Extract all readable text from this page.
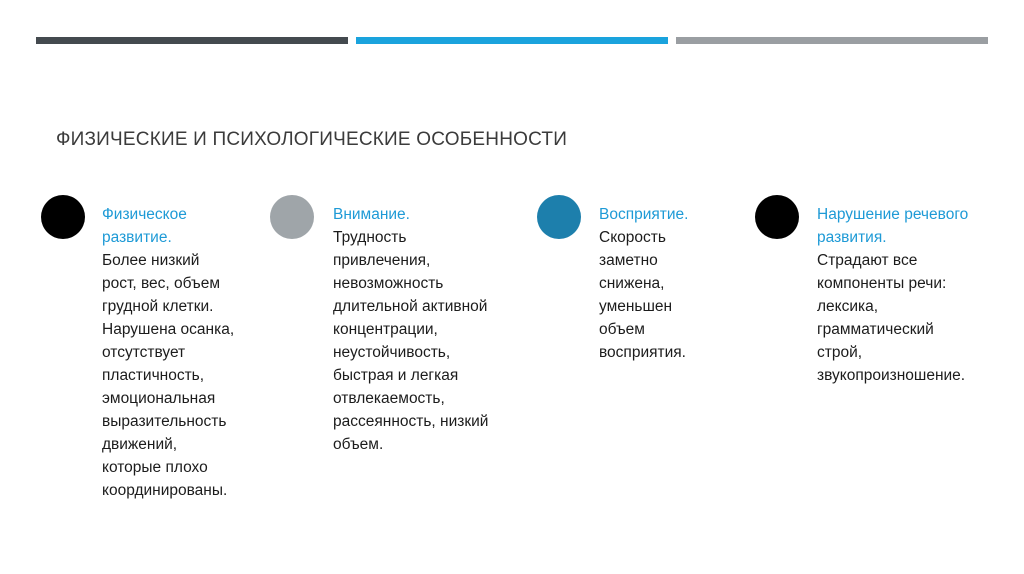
ФИЗИЧЕСКИЕ И ПСИХОЛОГИЧЕСКИЕ ОСОБЕННОСТИ
Физическое
развитие.
Более низкий
рост, вес, объем
грудной клетки.
Нарушена осанка,
отсутствует
пластичность,
эмоциональная
выразительность
движений,
которые плохо
координированы.
Внимание.
Трудность
привлечения,
невозможность
длительной активной
концентрации,
неустойчивость,
быстрая и легкая
отвлекаемость,
рассеянность, низкий
объем.
Восприятие.
Скорость
заметно
снижена,
уменьшен
объем
восприятия.
Нарушение речевого
развития.
Страдают все
компоненты речи:
лексика,
грамматический
строй,
звукопроизношение.
